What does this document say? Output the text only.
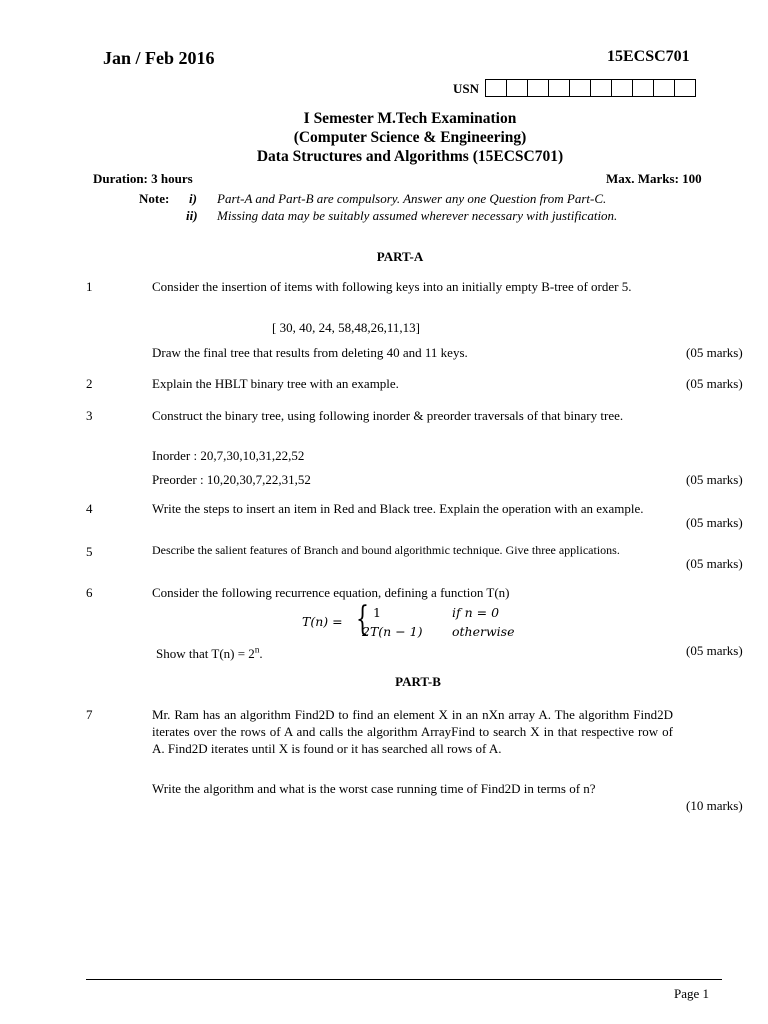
Jan / Feb 2016	15ECSC701
USN
I Semester M.Tech Examination
(Computer Science & Engineering)
Data Structures and Algorithms (15ECSC701)
Duration: 3 hours	Max. Marks: 100
Note: i) Part-A and Part-B are compulsory. Answer any one Question from Part-C.
ii) Missing data may be suitably assumed wherever necessary with justification.
PART-A
1	Consider the insertion of items with following keys into an initially empty B-tree of order 5.
[ 30, 40, 24, 58,48,26,11,13]
Draw the final tree that results from deleting 40 and 11 keys.	(05 marks)
2	Explain the HBLT binary tree with an example.	(05 marks)
3	Construct the binary tree, using following inorder & preorder traversals of that binary tree.
Inorder : 20,7,30,10,31,22,52
Preorder : 10,20,30,7,22,31,52	(05 marks)
4	Write the steps to insert an item in Red and Black tree. Explain the operation with an example.
(05 marks)
5	Describe the salient features of Branch and bound algorithmic technique. Give three applications.
(05 marks)
6	Consider the following recurrence equation, defining a function T(n)
T(n) = { 1	if n = 0
2T(n − 1) otherwise
Show that $T(n) = 2^n$.	(05 marks)
PART-B
7	Mr. Ram has an algorithm Find2D to find an element X in an nXn array A. The algorithm Find2D iterates over the rows of A and calls the algorithm ArrayFind to search X in that respective row of A. Find2D iterates until X is found or it has searched all rows of A.
Write the algorithm and what is the worst case running time of Find2D in terms of n?
(10 marks)
Page 1
